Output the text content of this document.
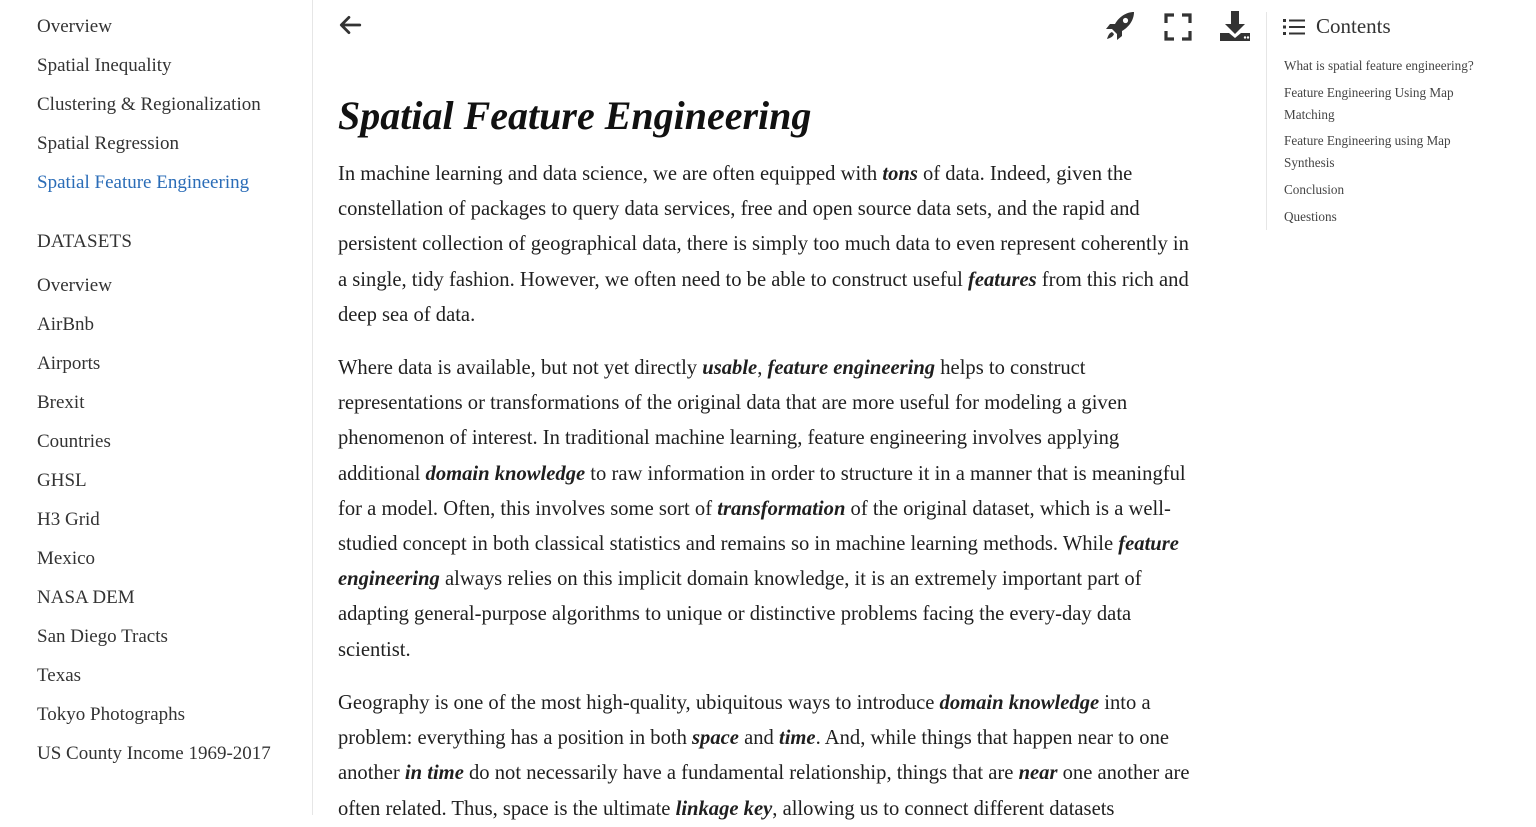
Overview
Spatial Inequality
Clustering & Regionalization
Spatial Regression
Spatial Feature Engineering
DATASETS
Overview
AirBnb
Airports
Brexit
Countries
GHSL
H3 Grid
Mexico
NASA DEM
San Diego Tracts
Texas
Tokyo Photographs
US County Income 1969-2017
Spatial Feature Engineering

In machine learning and data science, we are often equipped with tons of data. Indeed, given the constellation of packages to query data services, free and open source data sets, and the rapid and persistent collection of geographical data, there is simply too much data to even represent coherently in a single, tidy fashion. However, we often need to be able to construct useful features from this rich and deep sea of data.

Where data is available, but not yet directly usable, feature engineering helps to construct representations or transformations of the original data that are more useful for modeling a given phenomenon of interest. In traditional machine learning, feature engineering involves applying additional domain knowledge to raw information in order to structure it in a manner that is meaningful for a model. Often, this involves some sort of transformation of the original dataset, which is a well-studied concept in both classical statistics and remains so in machine learning methods. While feature engineering always relies on this implicit domain knowledge, it is an extremely important part of adapting general-purpose algorithms to unique or distinctive problems facing the every-day data scientist.

Geography is one of the most high-quality, ubiquitous ways to introduce domain knowledge into a problem: everything has a position in both space and time. And, while things that happen near to one another in time do not necessarily have a fundamental relationship, things that are near one another are often related. Thus, space is the ultimate linkage key, allowing us to connect different datasets

Contents
What is spatial feature engineering?
Feature Engineering Using Map Matching
Feature Engineering using Map Synthesis
Conclusion
Questions
